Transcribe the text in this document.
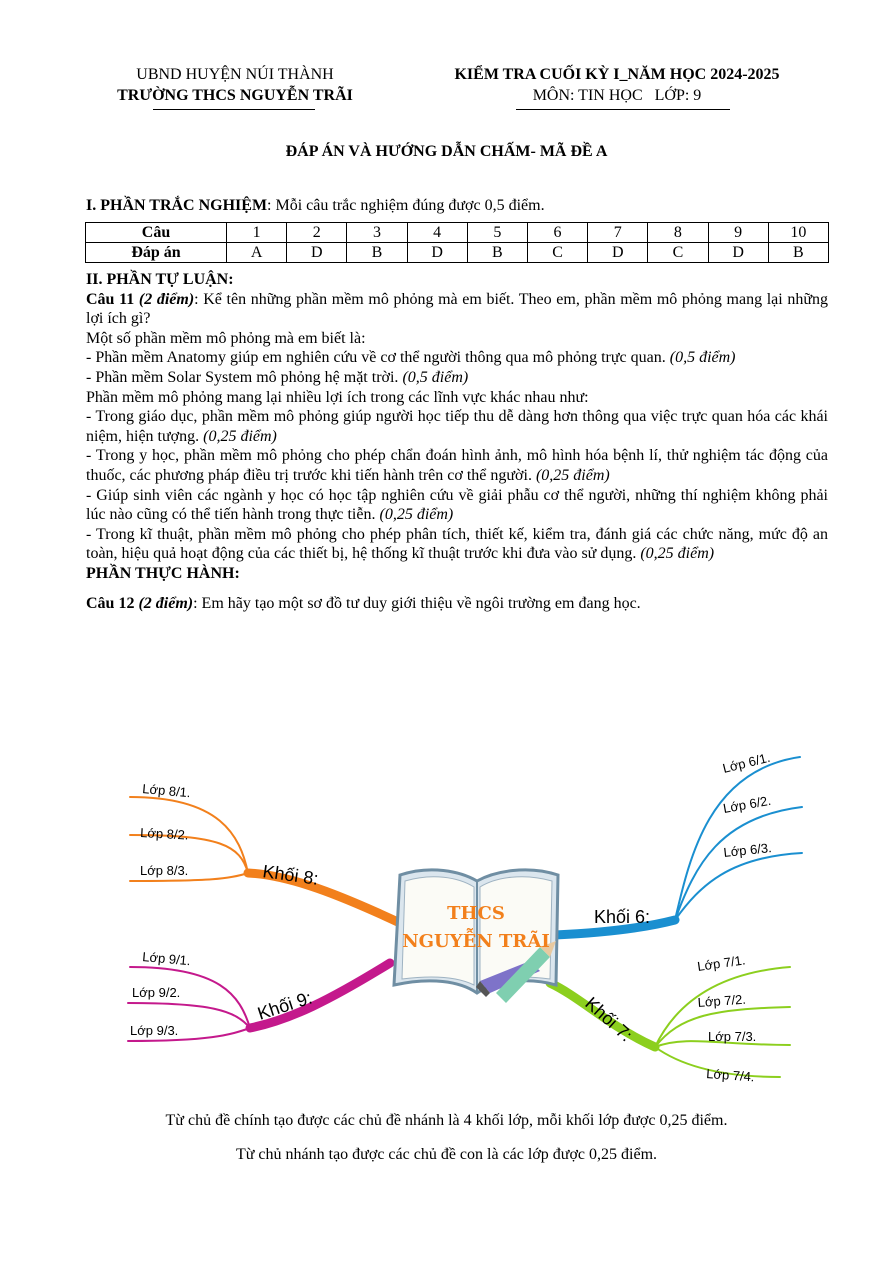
UBND HUYỆN NÚI THÀNH
TRƯỜNG THCS NGUYỄN TRÃI
KIỂM TRA CUỐI KỲ I_NĂM HỌC 2024-2025
MÔN: TIN HỌC   LỚP: 9
ĐÁP ÁN VÀ HƯỚNG DẪN CHẤM- MÃ ĐỀ A
I. PHẦN TRẮC NGHIỆM: Mỗi câu trắc nghiệm đúng được 0,5 điểm.
Câu	1	2	3	4	5	6	7	8	9	10
Đáp án	A	D	B	D	B	C	D	C	D	B

II. PHẦN TỰ LUẬN:

Câu 11 (2 điểm): Kể tên những phần mềm mô phỏng mà em biết. Theo em, phần mềm mô phỏng mang lại những lợi ích gì?

Một số phần mềm mô phỏng mà em biết là:

- Phần mềm Anatomy giúp em nghiên cứu về cơ thể người thông qua mô phỏng trực quan. (0,5 điểm)

- Phần mềm Solar System mô phỏng hệ mặt trời. (0,5 điểm)

Phần mềm mô phỏng mang lại nhiều lợi ích trong các lĩnh vực khác nhau như:

- Trong giáo dục, phần mềm mô phỏng giúp người học tiếp thu dễ dàng hơn thông qua việc trực quan hóa các khái niệm, hiện tượng. (0,25 điểm)

- Trong y học, phần mềm mô phỏng cho phép chẩn đoán hình ảnh, mô hình hóa bệnh lí, thử nghiệm tác động của thuốc, các phương pháp điều trị trước khi tiến hành trên cơ thể người. (0,25 điểm)

- Giúp sinh viên các ngành y học có học tập nghiên cứu về giải phẫu cơ thể người, những thí nghiệm không phải lúc nào cũng có thể tiến hành trong thực tiễn. (0,25 điểm)

- Trong kĩ thuật, phần mềm mô phỏng cho phép phân tích, thiết kế, kiểm tra, đánh giá các chức năng, mức độ an toàn, hiệu quả hoạt động của các thiết bị, hệ thống kĩ thuật trước khi đưa vào sử dụng. (0,25 điểm)

PHẦN THỰC HÀNH:

Câu 12 (2 điểm): Em hãy tạo một sơ đồ tư duy giới thiệu về ngôi trường em đang học.

Khối 8:
Lớp 8/1.
Lớp 8/2.
Lớp 8/3.
Khối 9:
Lớp 9/1.
Lớp 9/2.
Lớp 9/3.
Khối 6:
Lớp 6/1.
Lớp 6/2.
Lớp 6/3.
Khối 7:
Lớp 7/1.
Lớp 7/2.
Lớp 7/3.
Lớp 7/4.
THCS
NGUYỄN TRÃI
Từ chủ đề chính tạo được các chủ đề nhánh là 4 khối lớp, mỗi khối lớp được 0,25 điểm.
Từ chủ nhánh tạo được các chủ đề con là các lớp được 0,25 điểm.
